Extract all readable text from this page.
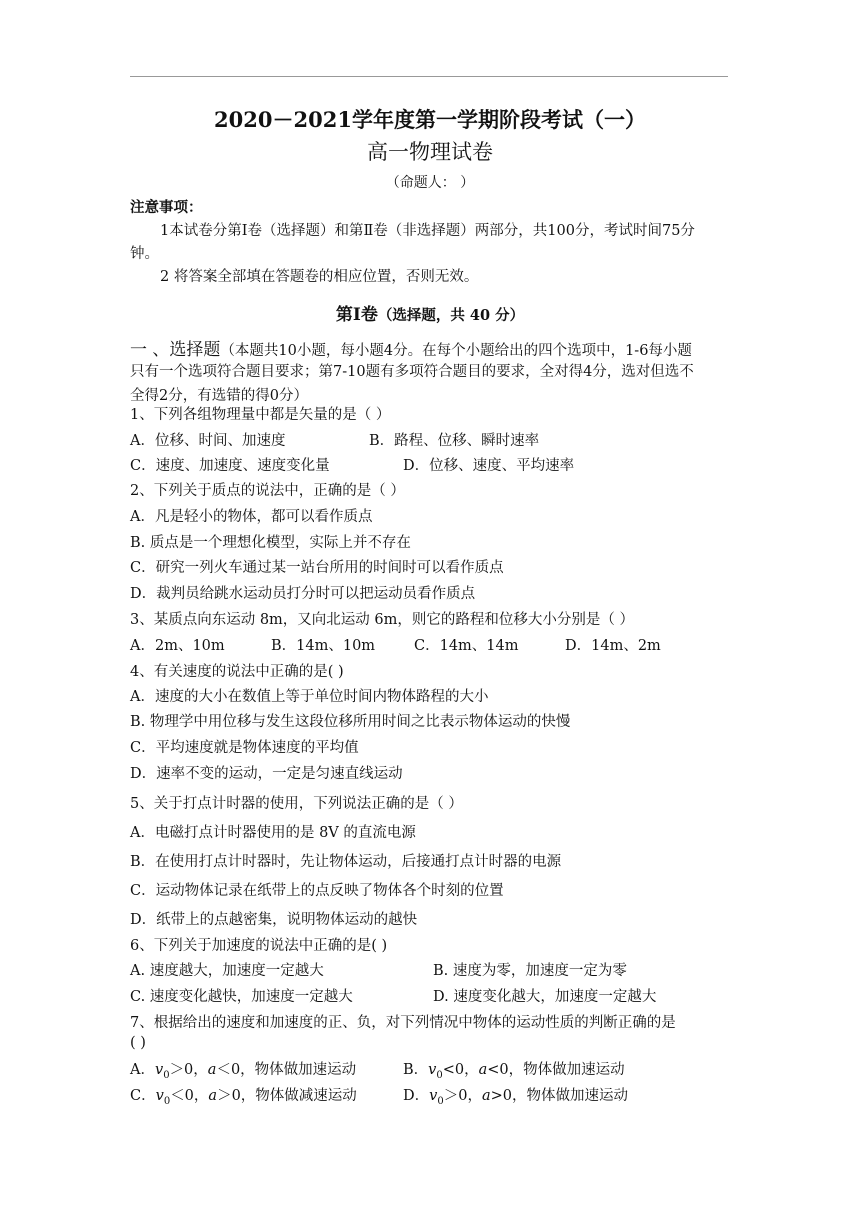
2020－2021学年度第一学期阶段考试（一）
高一物理试卷
（命题人： ）
注意事项：
1本试卷分第Ⅰ卷（选择题）和第Ⅱ卷（非选择题）两部分，共100分，考试时间75分
钟。
2 将答案全部填在答题卷的相应位置，否则无效。
第Ⅰ卷（选择题，共 40 分）
一 、选择题（本题共10小题，每小题4分。在每个小题给出的四个选项中，1-6每小题
只有一个选项符合题目要求；第7-10题有多项符合题目的要求，全对得4分，选对但选不
全得2分，有选错的得0分）
1、下列各组物理量中都是矢量的是（ ）
A．位移、时间、加速度	B．路程、位移、瞬时速率
C．速度、加速度、速度变化量	D．位移、速度、平均速率
2、下列关于质点的说法中，正确的是（ ）
A．凡是轻小的物体，都可以看作质点
B. 质点是一个理想化模型，实际上并不存在
C．研究一列火车通过某一站台所用的时间时可以看作质点
D．裁判员给跳水运动员打分时可以把运动员看作质点
3、某质点向东运动 8m，又向北运动 6m，则它的路程和位移大小分别是（ ）
A．2m、10m	B．14m、10m	C．14m、14m	D．14m、2m
4、有关速度的说法中正确的是( )
A．速度的大小在数值上等于单位时间内物体路程的大小
B. 物理学中用位移与发生这段位移所用时间之比表示物体运动的快慢
C．平均速度就是物体速度的平均值
D．速率不变的运动，一定是匀速直线运动
5、关于打点计时器的使用，下列说法正确的是（ ）
A．电磁打点计时器使用的是 8V 的直流电源
B．在使用打点计时器时，先让物体运动，后接通打点计时器的电源
C．运动物体记录在纸带上的点反映了物体各个时刻的位置
D．纸带上的点越密集，说明物体运动的越快
6、下列关于加速度的说法中正确的是( )
A. 速度越大，加速度一定越大	B. 速度为零，加速度一定为零
C. 速度变化越快，加速度一定越大	D. 速度变化越大，加速度一定越大
7、根据给出的速度和加速度的正、负，对下列情况中物体的运动性质的判断正确的是
( )
A．$v_0>0$，a＜0，物体做加速运动	B．$v_0<0$，a<0，物体做加速运动
C．$v_0<0$，a＞0，物体做减速运动	D．$v_0>0$，a>0，物体做加速运动
